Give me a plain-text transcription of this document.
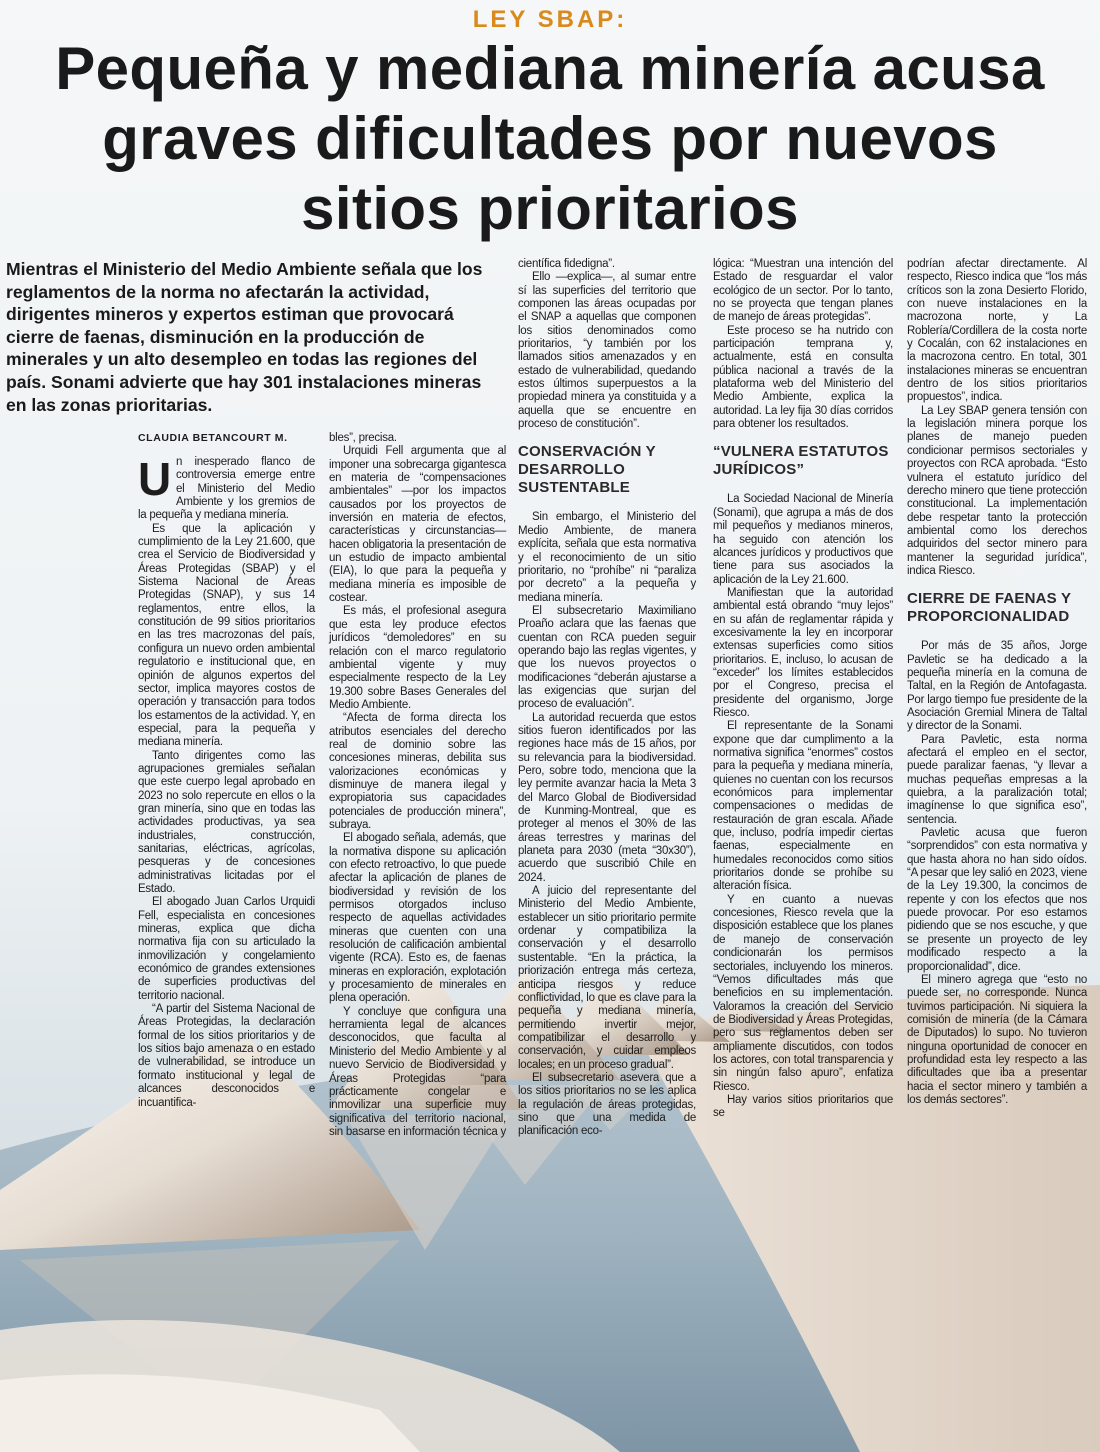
LEY SBAP:
Pequeña y mediana minería acusa graves dificultades por nuevos sitios prioritarios

Mientras el Ministerio del Medio Ambiente señala que los reglamentos de la norma no afectarán la actividad, dirigentes mineros y expertos estiman que provocará cierre de faenas, disminución en la producción de minerales y un alto desempleo en todas las regiones del país. Sonami advierte que hay 301 instalaciones mineras en las zonas prioritarias.

CLAUDIA BETANCOURT M.
U n inesperado flanco de controversia emerge entre el Ministerio del Medio Ambiente y los gremios de la pequeña y mediana minería.

Es que la aplicación y cumplimiento de la Ley 21.600, que crea el Servicio de Biodiversidad y Áreas Protegidas (SBAP) y el Sistema Nacional de Áreas Protegidas (SNAP), y sus 14 reglamentos, entre ellos, la constitución de 99 sitios prioritarios en las tres macrozonas del país, configura un nuevo orden ambiental regulatorio e institucional que, en opinión de algunos expertos del sector, implica mayores costos de operación y transacción para todos los estamentos de la actividad. Y, en especial, para la pequeña y mediana minería.

Tanto dirigentes como las agrupaciones gremiales señalan que este cuerpo legal aprobado en 2023 no solo repercute en ellos o la gran minería, sino que en todas las actividades productivas, ya sea industriales, construcción, sanitarias, eléctricas, agrícolas, pesqueras y de concesiones administrativas licitadas por el Estado.

El abogado Juan Carlos Urquidi Fell, especialista en concesiones mineras, explica que dicha normativa fija con su articulado la inmovilización y congelamiento económico de grandes extensiones de superficies productivas del territorio nacional.

“A partir del Sistema Nacional de Áreas Protegidas, la declaración formal de los sitios prioritarios y de los sitios bajo amenaza o en estado de vulnerabilidad, se introduce un formato institucional y legal de alcances desconocidos e incuantifica-

bles”, precisa.

Urquidi Fell argumenta que al imponer una sobrecarga gigantesca en materia de “compensaciones ambientales” —por los impactos causados por los proyectos de inversión en materia de efectos, características y circunstancias— hacen obligatoria la presentación de un estudio de impacto ambiental (EIA), lo que para la pequeña y mediana minería es imposible de costear.

Es más, el profesional asegura que esta ley produce efectos jurídicos “demoledores” en su relación con el marco regulatorio ambiental vigente y muy especialmente respecto de la Ley 19.300 sobre Bases Generales del Medio Ambiente.

“Afecta de forma directa los atributos esenciales del derecho real de dominio sobre las concesiones mineras, debilita sus valorizaciones económicas y disminuye de manera ilegal y expropiatoria sus capacidades potenciales de producción minera”, subraya.

El abogado señala, además, que la normativa dispone su aplicación con efecto retroactivo, lo que puede afectar la aplicación de planes de biodiversidad y revisión de los permisos otorgados incluso respecto de aquellas actividades mineras que cuenten con una resolución de calificación ambiental vigente (RCA). Esto es, de faenas mineras en exploración, explotación y procesamiento de minerales en plena operación.

Y concluye que configura una herramienta legal de alcances desconocidos, que faculta al Ministerio del Medio Ambiente y al nuevo Servicio de Biodiversidad y Áreas Protegidas “para prácticamente congelar e inmovilizar una superficie muy significativa del territorio nacional, sin basarse en información técnica y

científica fidedigna”.

Ello —explica—, al sumar entre sí las superficies del territorio que componen las áreas ocupadas por el SNAP a aquellas que componen los sitios denominados como prioritarios, “y también por los llamados sitios amenazados y en estado de vulnerabilidad, quedando estos últimos superpuestos a la propiedad minera ya constituida y a aquella que se encuentre en proceso de constitución”.

CONSERVACIÓN Y DESARROLLO SUSTENTABLE

Sin embargo, el Ministerio del Medio Ambiente, de manera explícita, señala que esta normativa y el reconocimiento de un sitio prioritario, no “prohíbe” ni “paraliza por decreto” a la pequeña y mediana minería.

El subsecretario Maximiliano Proaño aclara que las faenas que cuentan con RCA pueden seguir operando bajo las reglas vigentes, y que los nuevos proyectos o modificaciones “deberán ajustarse a las exigencias que surjan del proceso de evaluación”.

La autoridad recuerda que estos sitios fueron identificados por las regiones hace más de 15 años, por su relevancia para la biodiversidad. Pero, sobre todo, menciona que la ley permite avanzar hacia la Meta 3 del Marco Global de Biodiversidad de Kunming-Montreal, que es proteger al menos el 30% de las áreas terrestres y marinas del planeta para 2030 (meta “30x30”), acuerdo que suscribió Chile en 2024.

A juicio del representante del Ministerio del Medio Ambiente, establecer un sitio prioritario permite ordenar y compatibiliza la conservación y el desarrollo sustentable. “En la práctica, la priorización entrega más certeza, anticipa riesgos y reduce conflictividad, lo que es clave para la pequeña y mediana minería, permitiendo invertir mejor, compatibilizar el desarrollo y conservación, y cuidar empleos locales; en un proceso gradual”.

El subsecretario asevera que a los sitios prioritarios no se les aplica la regulación de áreas protegidas, sino que una medida de planificación eco-

lógica: “Muestran una intención del Estado de resguardar el valor ecológico de un sector. Por lo tanto, no se proyecta que tengan planes de manejo de áreas protegidas”.

Este proceso se ha nutrido con participación temprana y, actualmente, está en consulta pública nacional a través de la plataforma web del Ministerio del Medio Ambiente, explica la autoridad. La ley fija 30 días corridos para obtener los resultados.

“VULNERA ESTATUTOS JURÍDICOS”

La Sociedad Nacional de Minería (Sonami), que agrupa a más de dos mil pequeños y medianos mineros, ha seguido con atención los alcances jurídicos y productivos que tiene para sus asociados la aplicación de la Ley 21.600.

Manifiestan que la autoridad ambiental está obrando “muy lejos” en su afán de reglamentar rápida y excesivamente la ley en incorporar extensas superficies como sitios prioritarios. E, incluso, lo acusan de “exceder” los límites establecidos por el Congreso, precisa el presidente del organismo, Jorge Riesco.

El representante de la Sonami expone que dar cumplimento a la normativa significa “enormes” costos para la pequeña y mediana minería, quienes no cuentan con los recursos económicos para implementar compensaciones o medidas de restauración de gran escala. Añade que, incluso, podría impedir ciertas faenas, especialmente en humedales reconocidos como sitios prioritarios donde se prohíbe su alteración física.

Y en cuanto a nuevas concesiones, Riesco revela que la disposición establece que los planes de manejo de conservación condicionarán los permisos sectoriales, incluyendo los mineros. “Vemos dificultades más que beneficios en su implementación. Valoramos la creación del Servicio de Biodiversidad y Áreas Protegidas, pero sus reglamentos deben ser ampliamente discutidos, con todos los actores, con total transparencia y sin ningún falso apuro”, enfatiza Riesco.

Hay varios sitios prioritarios que se

podrían afectar directamente. Al respecto, Riesco indica que “los más críticos son la zona Desierto Florido, con nueve instalaciones en la macrozona norte, y La Roblería/Cordillera de la costa norte y Cocalán, con 62 instalaciones en la macrozona centro. En total, 301 instalaciones mineras se encuentran dentro de los sitios prioritarios propuestos”, indica.

La Ley SBAP genera tensión con la legislación minera porque los planes de manejo pueden condicionar permisos sectoriales y proyectos con RCA aprobada. “Esto vulnera el estatuto jurídico del derecho minero que tiene protección constitucional. La implementación debe respetar tanto la protección ambiental como los derechos adquiridos del sector minero para mantener la seguridad jurídica”, indica Riesco.

CIERRE DE FAENAS Y PROPORCIONALIDAD

Por más de 35 años, Jorge Pavletic se ha dedicado a la pequeña minería en la comuna de Taltal, en la Región de Antofagasta. Por largo tiempo fue presidente de la Asociación Gremial Minera de Taltal y director de la Sonami.

Para Pavletic, esta norma afectará el empleo en el sector, puede paralizar faenas, “y llevar a muchas pequeñas empresas a la quiebra, a la paralización total; imagínense lo que significa eso”, sentencia.

Pavletic acusa que fueron “sorprendidos” con esta normativa y que hasta ahora no han sido oídos. “A pesar que ley salió en 2023, viene de la Ley 19.300, la concimos de repente y con los efectos que nos puede provocar. Por eso estamos pidiendo que se nos escuche, y que se presente un proyecto de ley modificado respecto a la proporcionalidad”, dice.

El minero agrega que “esto no puede ser, no corresponde. Nunca tuvimos participación. Ni siquiera la comisión de minería (de la Cámara de Diputados) lo supo. No tuvieron ninguna oportunidad de conocer en profundidad esta ley respecto a las dificultades que iba a presentar hacia el sector minero y también a los demás sectores”.
